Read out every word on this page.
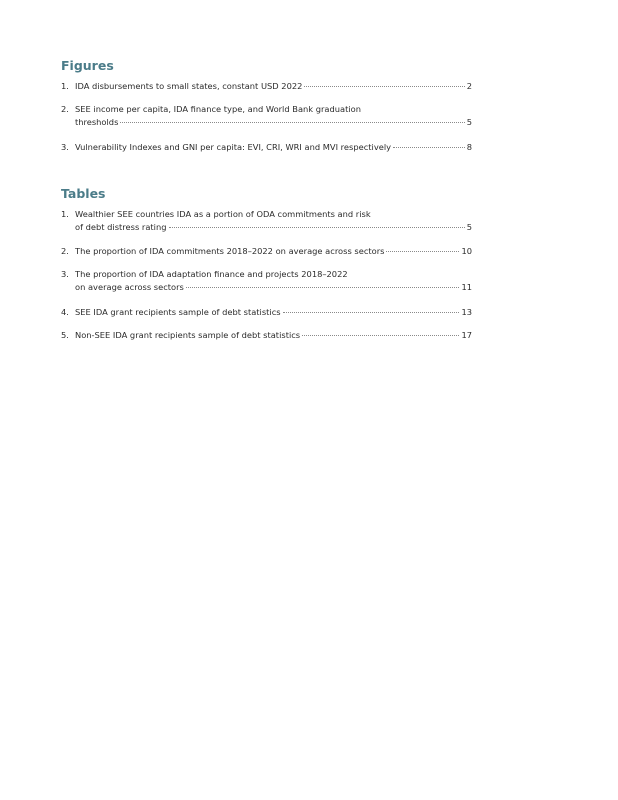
Figures
1. IDA disbursements to small states, constant USD 2022	2
2. SEE income per capita, IDA finance type, and World Bank graduation
thresholds	5
3. Vulnerability Indexes and GNI per capita: EVI, CRI, WRI and MVI respectively	8
Tables
1. Wealthier SEE countries IDA as a portion of ODA commitments and risk
of debt distress rating	5
2. The proportion of IDA commitments 2018–2022 on average across sectors	10
3. The proportion of IDA adaptation finance and projects 2018–2022
on average across sectors	11
4. SEE IDA grant recipients sample of debt statistics	13
5. Non-SEE IDA grant recipients sample of debt statistics	17
